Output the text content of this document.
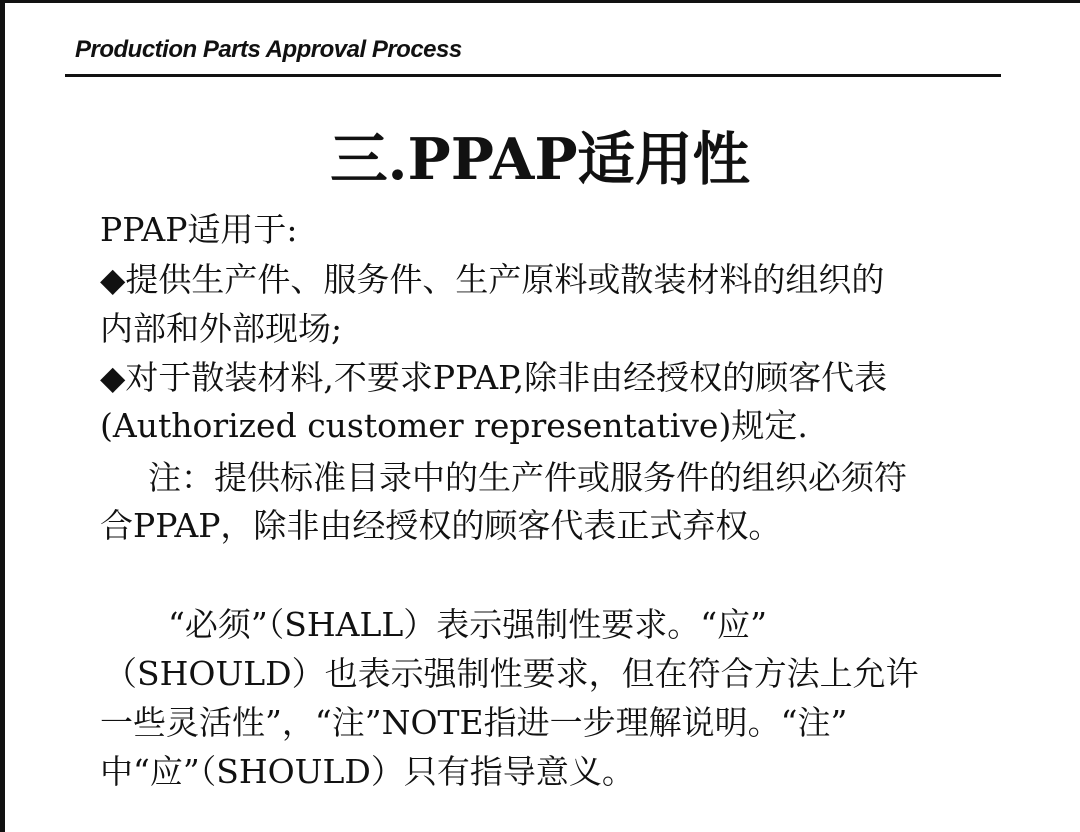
Production Parts Approval Process
三.PPAP适用性
PPAP适用于:
◆提供生产件、服务件、生产原料或散装材料的组织的
内部和外部现场;
◆对于散装材料,不要求PPAP,除非由经授权的顾客代表
(Authorized customer representative)规定.
注：提供标准目录中的生产件或服务件的组织必须符
合PPAP，除非由经授权的顾客代表正式弃权。
“必须”（SHALL）表示强制性要求。“应”
（SHOULD）也表示强制性要求，但在符合方法上允许
一些灵活性”，“注”NOTE指进一步理解说明。“注”
中“应”（SHOULD）只有指导意义。
